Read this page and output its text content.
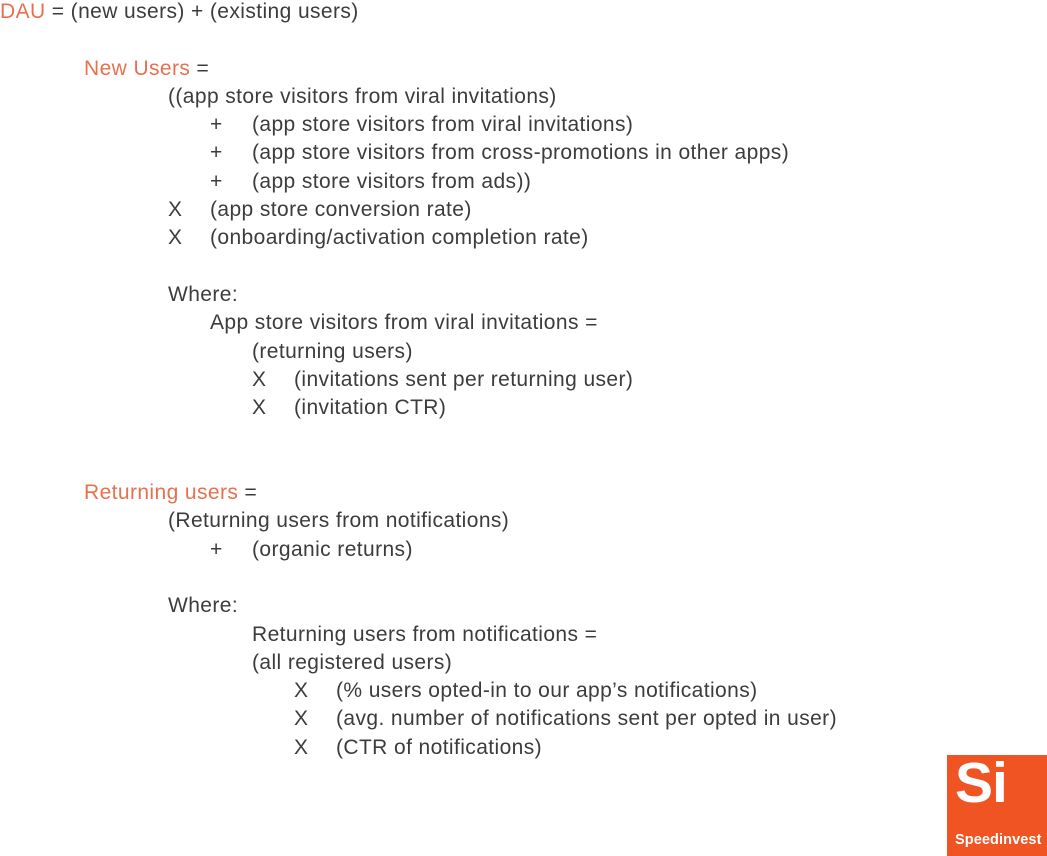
DAU = (new users) + (existing users)
New Users =
((app store visitors from viral invitations)
+ (app store visitors from viral invitations)
+ (app store visitors from cross-promotions in other apps)
+ (app store visitors from ads))
X (app store conversion rate)
X (onboarding/activation completion rate)
Where:
App store visitors from viral invitations =
(returning users)
X (invitations sent per returning user)
X (invitation CTR)
Returning users =
(Returning users from notifications)
+ (organic returns)
Where:
Returning users from notifications =
(all registered users)
X (% users opted-in to our app’s notifications)
X (avg. number of notifications sent per opted in user)
X (CTR of notifications)
Si
Speedinvest
